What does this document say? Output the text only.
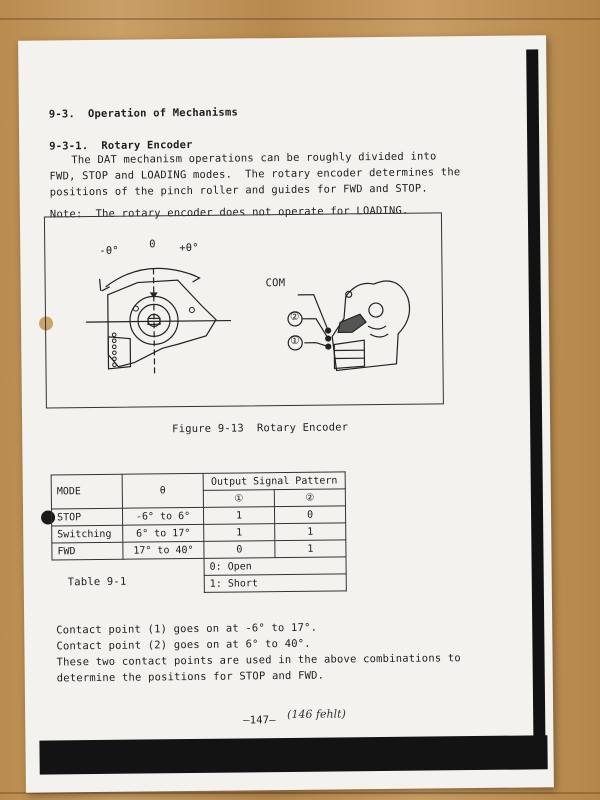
9-3.  Operation of Mechanisms
9-3-1.  Rotary Encoder
The DAT mechanism operations can be roughly divided into
FWD, STOP and LOADING modes.  The rotary encoder determines the
positions of the pinch roller and guides for FWD and STOP.
Note:  The rotary encoder does not operate for LOADING.
-θ°
0 +θ°
COM
②
①
Figure 9-13  Rotary Encoder
MODE	θ	Output Signal Pattern	
		①	②
STOP	-6° to 6°	1	0
Switching	6° to 17°	1	1
FWD	17° to 40°	0	1
		0: Open	
		1: Short	
Table 9-1
Contact point (1) goes on at -6° to 17°.
Contact point (2) goes on at 6° to 40°.
These two contact points are used in the above combinations to
determine the positions for STOP and FWD.
—147— (146 fehlt)
